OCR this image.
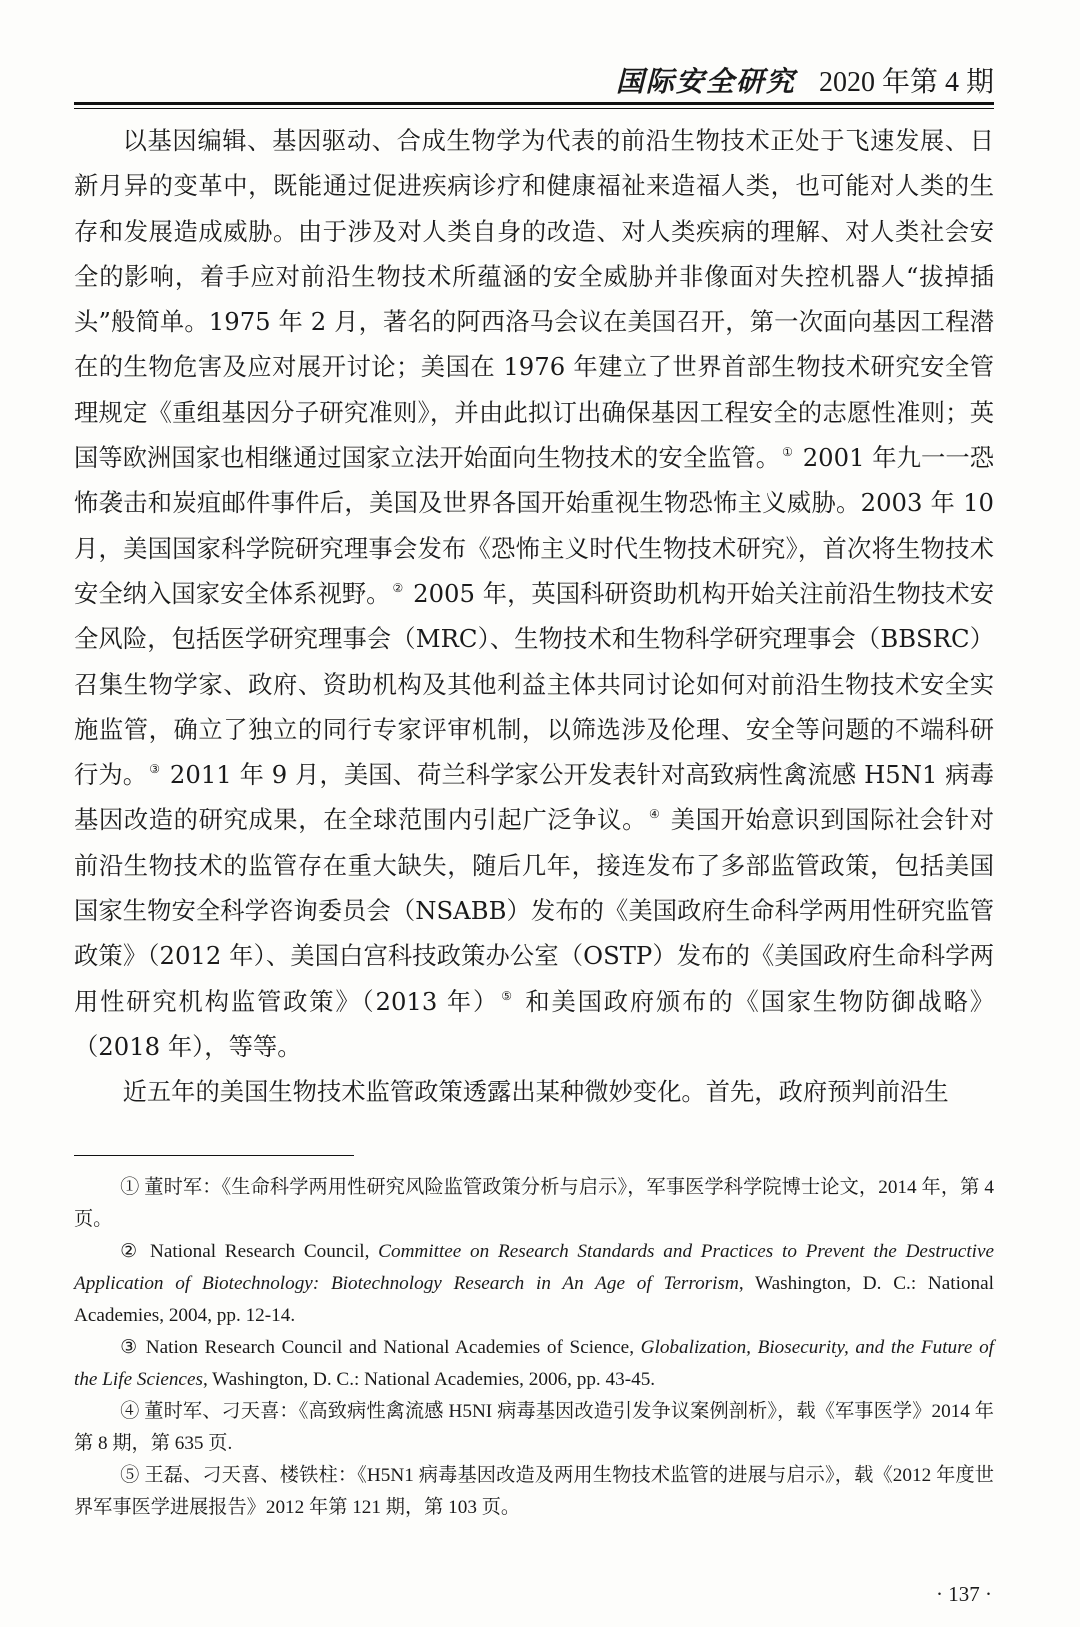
国际安全研究 2020 年第 4 期

以基因编辑、基因驱动、合成生物学为代表的前沿生物技术正处于飞速发展、日新月异的变革中，既能通过促进疾病诊疗和健康福祉来造福人类，也可能对人类的生存和发展造成威胁。由于涉及对人类自身的改造、对人类疾病的理解、对人类社会安全的影响，着手应对前沿生物技术所蕴涵的安全威胁并非像面对失控机器人“拔掉插头”般简单。1975 年 2 月，著名的阿西洛马会议在美国召开，第一次面向基因工程潜在的生物危害及应对展开讨论；美国在 1976 年建立了世界首部生物技术研究安全管理规定《重组基因分子研究准则》，并由此拟订出确保基因工程安全的志愿性准则；英国等欧洲国家也相继通过国家立法开始面向生物技术的安全监管。 ① 2001 年九一一恐怖袭击和炭疽邮件事件后，美国及世界各国开始重视生物恐怖主义威胁。2003 年 10 月，美国国家科学院研究理事会发布《恐怖主义时代生物技术研究》，首次将生物技术安全纳入国家安全体系视野。 ② 2005 年，英国科研资助机构开始关注前沿生物技术安全风险，包括医学研究理事会（MRC）、生物技术和生物科学研究理事会（BBSRC）召集生物学家、政府、资助机构及其他利益主体共同讨论如何对前沿生物技术安全实施监管，确立了独立的同行专家评审机制，以筛选涉及伦理、安全等问题的不端科研行为。 ③ 2011 年 9 月，美国、荷兰科学家公开发表针对高致病性禽流感 H5N1 病毒基因改造的研究成果，在全球范围内引起广泛争议。 ④ 美国开始意识到国际社会针对前沿生物技术的监管存在重大缺失，随后几年，接连发布了多部监管政策，包括美国国家生物安全科学咨询委员会（NSABB）发布的《美国政府生命科学两用性研究监管政策》（2012 年）、美国白宫科技政策办公室（OSTP）发布的《美国政府生命科学两用性研究机构监管政策》（2013 年） ⑤ 和美国政府颁布的《国家生物防御战略》（2018 年），等等。

近五年的美国生物技术监管政策透露出某种微妙变化。首先，政府预判前沿生

① 董时军：《生命科学两用性研究风险监管政策分析与启示》，军事医学科学院博士论文，2014 年，第 4 页。

② National Research Council, Committee on Research Standards and Practices to Prevent the Destructive Application of Biotechnology: Biotechnology Research in An Age of Terrorism, Washington, D. C.: National Academies, 2004, pp. 12-14.

③ Nation Research Council and National Academies of Science, Globalization, Biosecurity, and the Future of the Life Sciences, Washington, D. C.: National Academies, 2006, pp. 43-45.

④ 董时军、刁天喜：《高致病性禽流感 H5NI 病毒基因改造引发争议案例剖析》，载《军事医学》2014 年第 8 期，第 635 页.

⑤ 王磊、刁天喜、楼铁柱：《H5N1 病毒基因改造及两用生物技术监管的进展与启示》，载《2012 年度世界军事医学进展报告》2012 年第 121 期，第 103 页。

· 137 ·
